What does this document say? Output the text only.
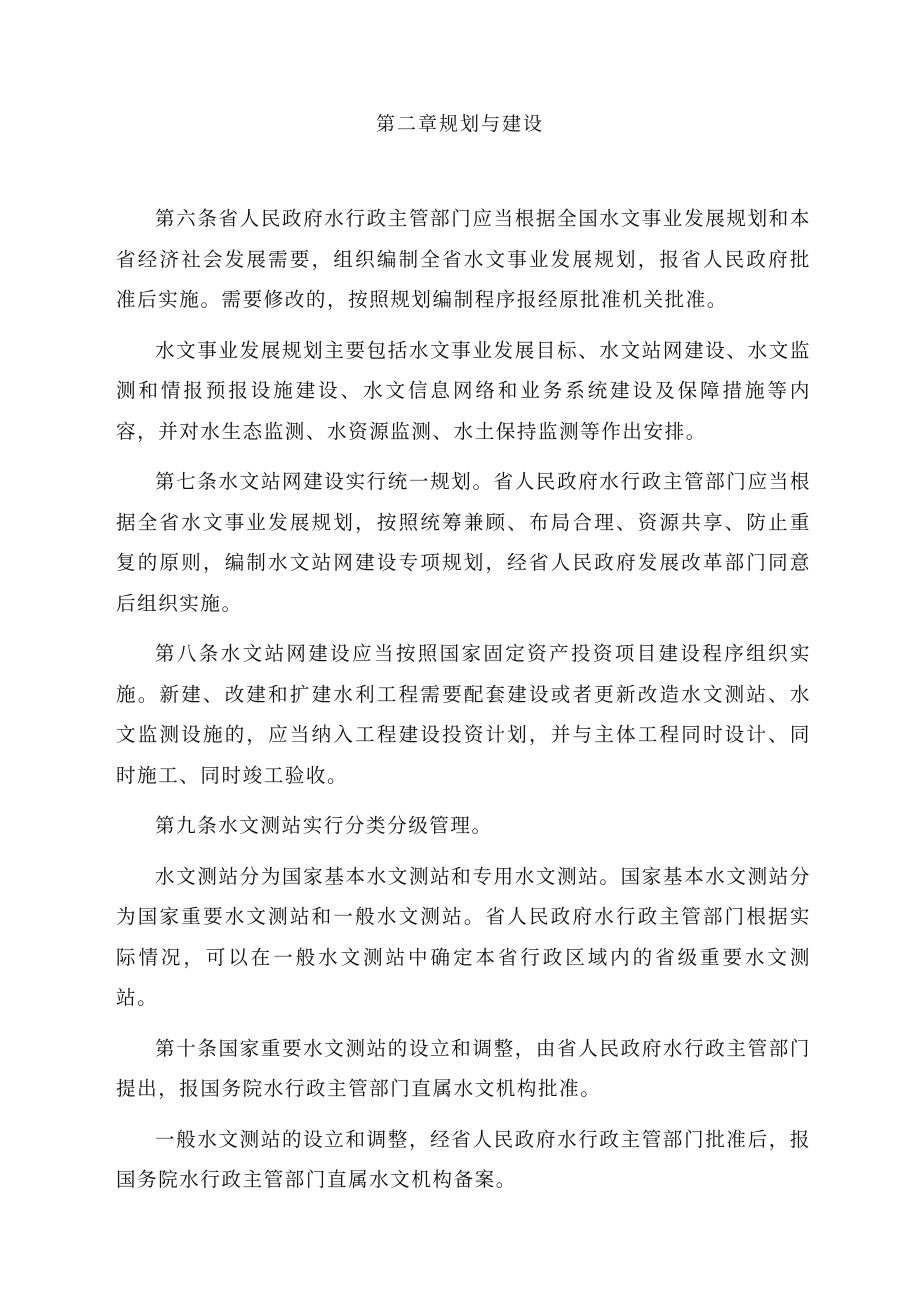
第二章规划与建设

第六条省人民政府水行政主管部门应当根据全国水文事业发展规划和本省经济社会发展需要，组织编制全省水文事业发展规划，报省人民政府批准后实施。需要修改的，按照规划编制程序报经原批准机关批准。

水文事业发展规划主要包括水文事业发展目标、水文站网建设、水文监测和情报预报设施建设、水文信息网络和业务系统建设及保障措施等内容，并对水生态监测、水资源监测、水土保持监测等作出安排。

第七条水文站网建设实行统一规划。省人民政府水行政主管部门应当根据全省水文事业发展规划，按照统筹兼顾、布局合理、资源共享、防止重复的原则，编制水文站网建设专项规划，经省人民政府发展改革部门同意后组织实施。

第八条水文站网建设应当按照国家固定资产投资项目建设程序组织实施。新建、改建和扩建水利工程需要配套建设或者更新改造水文测站、水文监测设施的，应当纳入工程建设投资计划，并与主体工程同时设计、同时施工、同时竣工验收。

第九条水文测站实行分类分级管理。

水文测站分为国家基本水文测站和专用水文测站。国家基本水文测站分为国家重要水文测站和一般水文测站。省人民政府水行政主管部门根据实际情况，可以在一般水文测站中确定本省行政区域内的省级重要水文测站。

第十条国家重要水文测站的设立和调整，由省人民政府水行政主管部门提出，报国务院水行政主管部门直属水文机构批准。

一般水文测站的设立和调整，经省人民政府水行政主管部门批准后，报国务院水行政主管部门直属水文机构备案。
